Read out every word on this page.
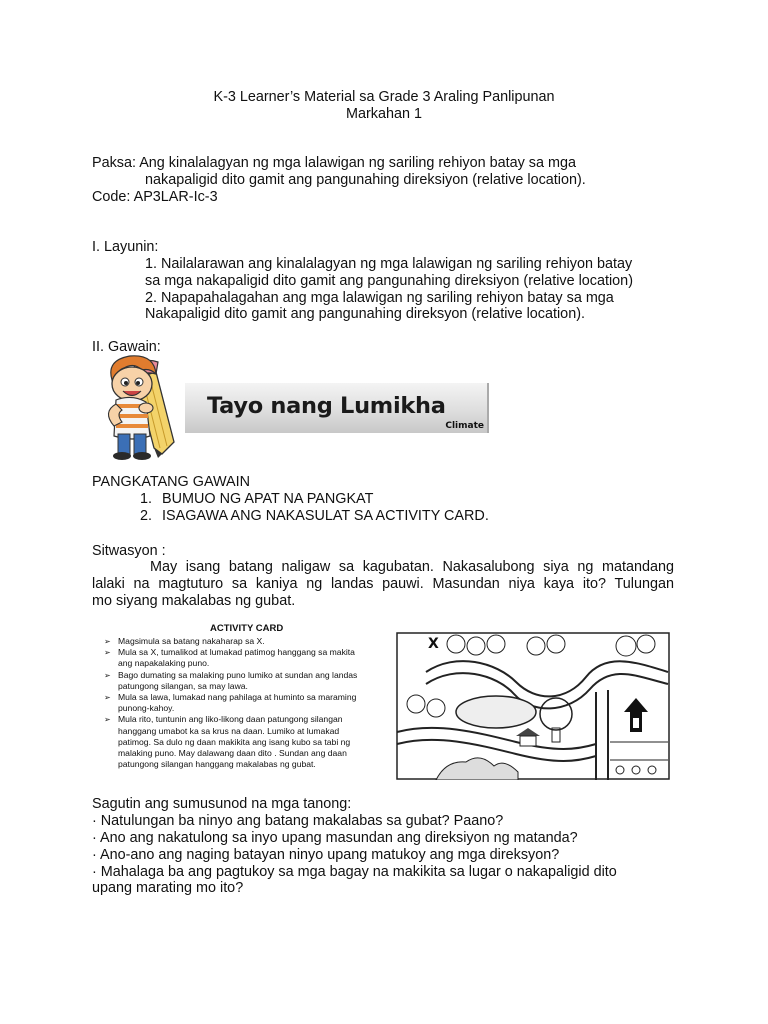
K-3 Learner’s Material sa Grade 3 Araling Panlipunan
Markahan 1
Paksa: Ang kinalalagyan ng mga lalawigan ng sariling rehiyon batay sa mga
nakapaligid dito gamit ang pangunahing direksiyon (relative location).
Code: AP3LAR-Ic-3
I. Layunin:
1. Nailalarawan ang kinalalagyan ng mga lalawigan ng sariling rehiyon batay
sa mga nakapaligid dito gamit ang pangunahing direksiyon (relative location)
2. Napapahalagahan ang mga lalawigan ng sariling rehiyon batay sa mga
Nakapaligid dito gamit ang pangunahing direksyon (relative location).
II. Gawain:
Tayo nang Lumikha
Climate
PANGKATANG GAWAIN
1. BUMUO NG APAT NA PANGKAT
2. ISAGAWA ANG NAKASULAT SA ACTIVITY CARD.
Sitwasyon :
May isang batang naligaw sa kagubatan. Nakasalubong siya ng matandang
lalaki na magtuturo sa kaniya ng landas pauwi. Masundan niya kaya ito? Tulungan
mo siyang makalabas ng gubat.
ACTIVITY CARD
➢ Magsimula sa batang nakaharap sa X.
➢ Mula sa X, tumalikod at lumakad patimog hanggang sa makita
ang napakalaking puno.
➢ Bago dumating sa malaking puno lumiko at sundan ang landas
patungong silangan, sa may lawa.
➢ Mula sa lawa, lumakad nang pahilaga at huminto sa maraming
punong-kahoy.
➢ Mula rito, tuntunin ang liko-likong daan patungong silangan
hanggang umabot ka sa krus na daan. Lumiko at lumakad
patimog. Sa dulo ng daan makikita ang isang kubo sa tabi ng
malaking puno. May dalawang daan dito . Sundan ang daan
patungong silangan hanggang makalabas ng gubat.
X
Sagutin ang sumusunod na mga tanong:
· Natulungan ba ninyo ang batang makalabas sa gubat? Paano?
· Ano ang nakatulong sa inyo upang masundan ang direksiyon ng matanda?
· Ano-ano ang naging batayan ninyo upang matukoy ang mga direksyon?
· Mahalaga ba ang pagtukoy sa mga bagay na makikita sa lugar o nakapaligid dito
upang marating mo ito?
